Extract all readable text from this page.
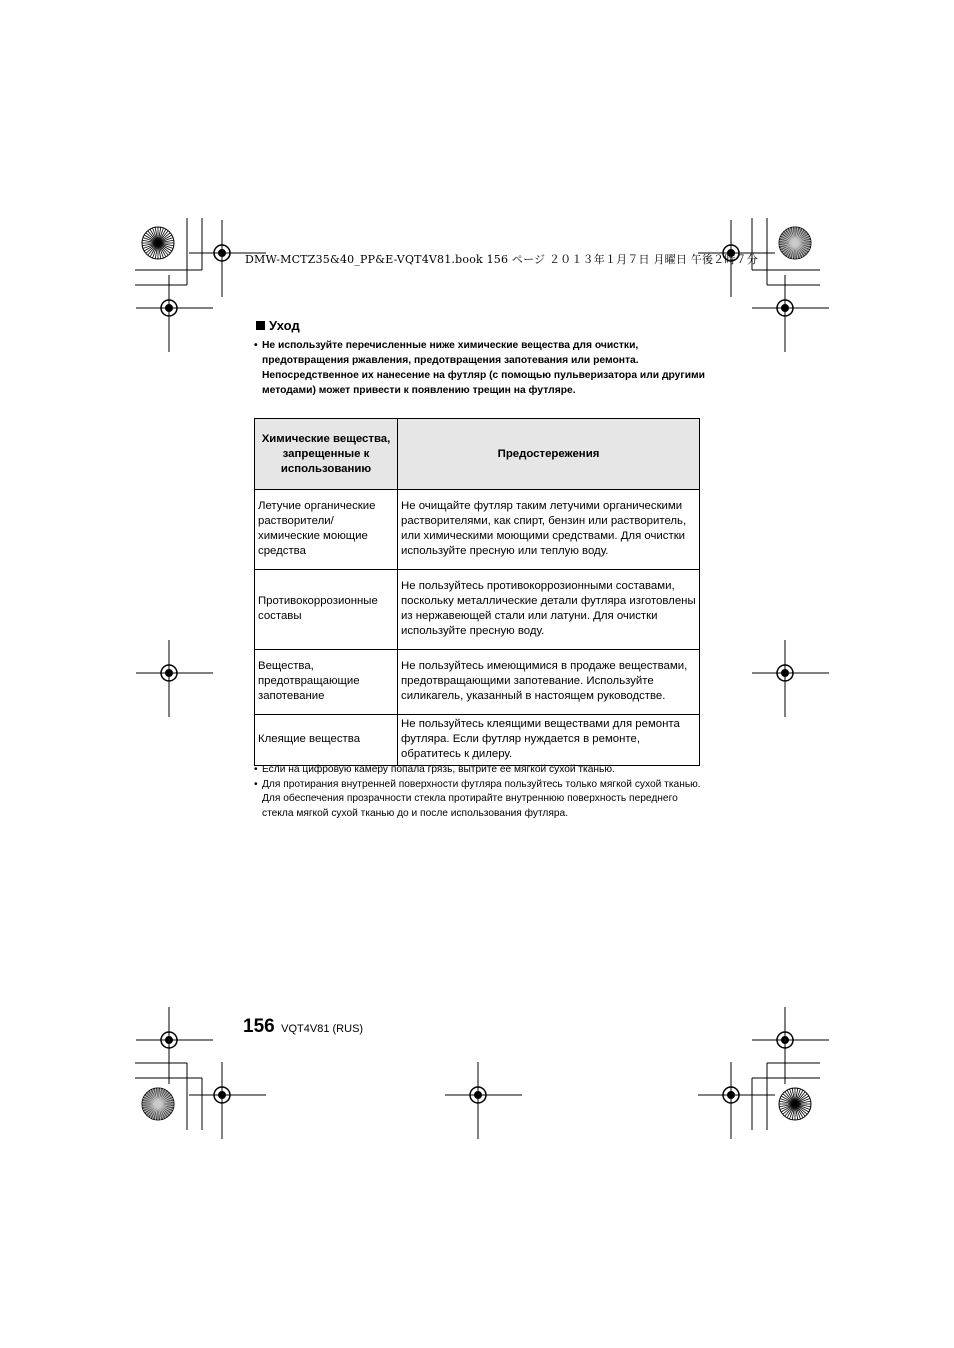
DMW-MCTZ35&40_PP&E-VQT4V81.book 156 ページ ２０１３年１月７日 月曜日 午後２時７分
Уход
• Не используйте перечисленные ниже химические вещества для очистки, предотвращения ржавления, предотвращения запотевания или ремонта. Непосредственное их нанесение на футляр (с помощью пульверизатора или другими методами) может привести к появлению трещин на футляре.
Химические вещества, запрещенные к использованию	Предостережения
Летучие органические растворители/ химические моющие средства	Не очищайте футляр таким летучими органическими растворителями, как спирт, бензин или растворитель, или химическими моющими средствами. Для очистки используйте пресную или теплую воду.
Противокоррозионные составы	Не пользуйтесь противокоррозионными составами, поскольку металлические детали футляра изготовлены из нержавеющей стали или латуни. Для очистки используйте пресную воду.
Вещества, предотвращающие запотевание	Не пользуйтесь имеющимися в продаже веществами, предотвращающими запотевание. Используйте силикагель, указанный в настоящем руководстве.
Клеящие вещества	Не пользуйтесь клеящими веществами для ремонта футляра. Если футляр нуждается в ремонте, обратитесь к дилеру.
• Если на цифровую камеру попала грязь, вытрите ее мягкой сухой тканью.
• Для протирания внутренней поверхности футляра пользуйтесь только мягкой сухой тканью. Для обеспечения прозрачности стекла протирайте внутреннюю поверхность переднего стекла мягкой сухой тканью до и после использования футляра.
156 VQT4V81 (RUS)
